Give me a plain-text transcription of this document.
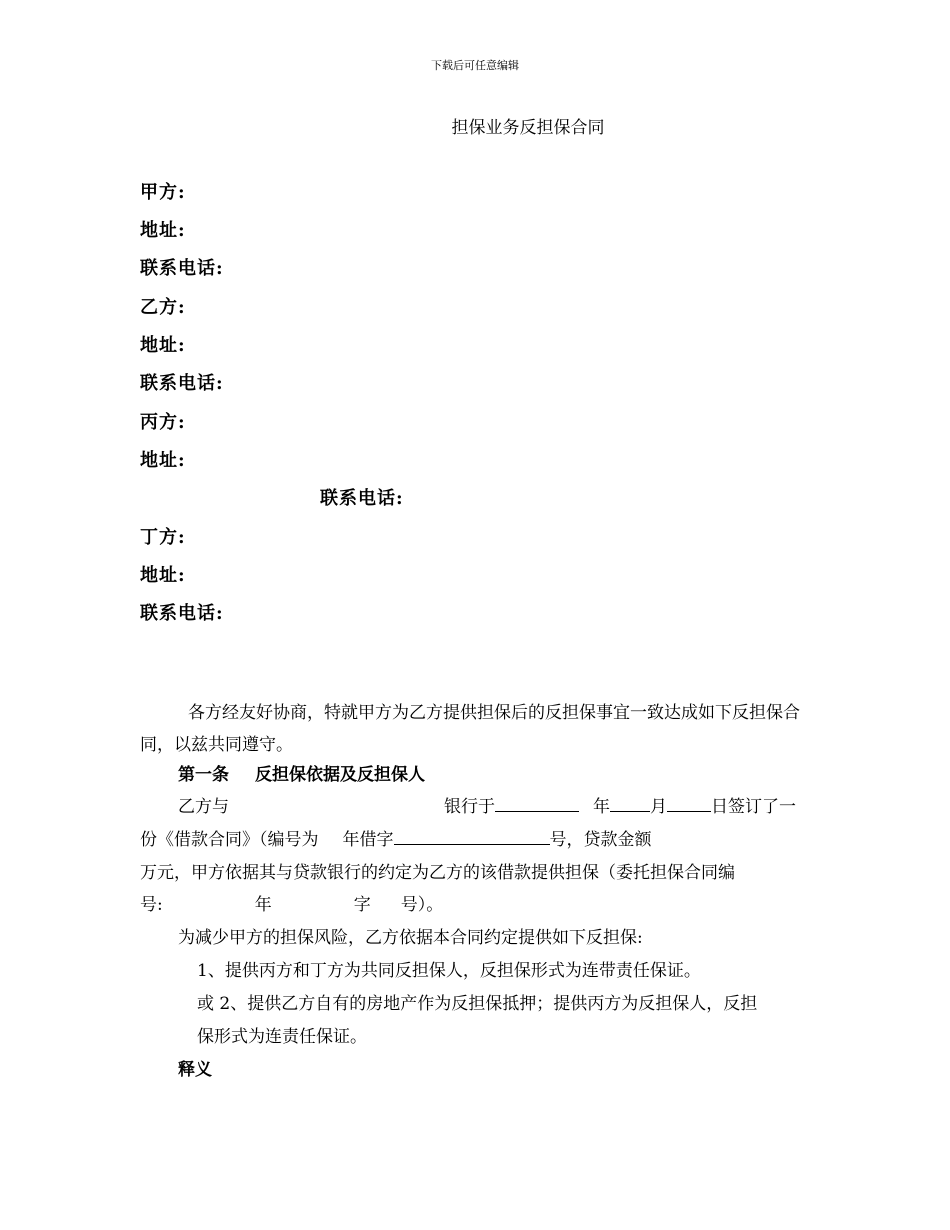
下载后可任意编辑
担保业务反担保合同
甲方:
地址:
联系电话:
乙方:
地址:
联系电话:
丙方:
地址:
联系电话:
丁方:
地址:
联系电话:
各方经友好协商，特就甲方为乙方提供担保后的反担保事宜一致达成如下反担保合同，以兹共同遵守。
第一条 反担保依据及反担保人
乙方与	银行于	年 月	日签订了一
份《借款合同》（编号为 年借字	号，贷款金额
万元，甲方依据其与贷款银行的约定为乙方的该借款提供担保（委托担保合同编
号:	年	字 号）。
为减少甲方的担保风险，乙方依据本合同约定提供如下反担保:
1、提供丙方和丁方为共同反担保人，反担保形式为连带责任保证。
或 2、提供乙方自有的房地产作为反担保抵押；提供丙方为反担保人，反担
保形式为连责任保证。
释义
